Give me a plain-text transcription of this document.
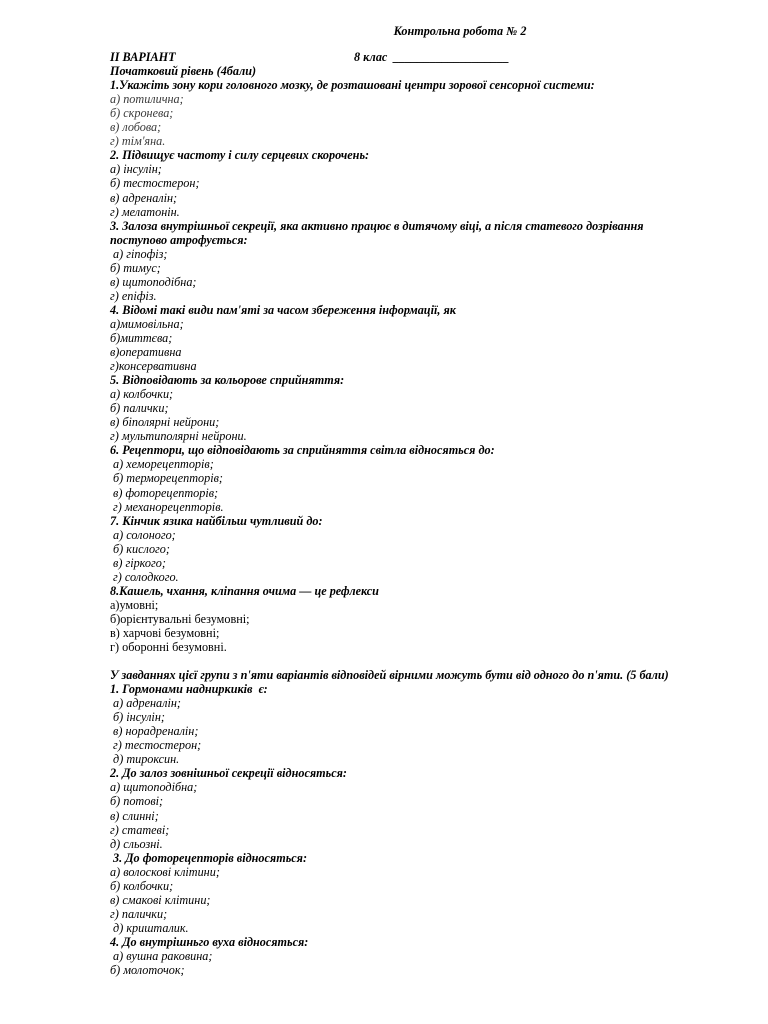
Контрольна робота № 2
II ВАРІАНТ	8 клас  ___________________
Початковий рівень (4бали)
1.Укажіть зону кори головного мозку, де розташовані центри зорової сенсорної системи:
а) потилична;
б) скронева;
в) лобова;
г) тім'яна.
2. Підвищує частоту і силу серцевих скорочень:
а) інсулін;
б) тестостерон;
в) адреналін;
г) мелатонін.
3. Залоза внутрішньої секреції, яка активно працює в дитячому віці, а після статевого дозрівання
поступово атрофується:
а) гіпофіз;
б) тимус;
в) щитоподібна;
г) епіфіз.
4. Відомі такі види пам'яті за часом збереження інформації, як
а)мимовільна;
б)миттєва;
в)оперативна
г)консервативна
5. Відповідають за кольорове сприйняття:
а) колбочки;
б) палички;
в) біполярні нейрони;
г) мультиполярні нейрони.
6. Рецептори, що відповідають за сприйняття світла відносяться до:
а) хеморецепторів;
б) терморецепторів;
в) фоторецепторів;
г) механорецепторів.
7. Кінчик язика найбільш чутливий до:
а) солоного;
б) кислого;
в) гіркого;
г) солодкого.
8.Кашель, чхання, кліпання очима — це рефлекси
а)умовні;
б)орієнтувальні безумовні;
в) харчові безумовні;
г) оборонні безумовні.
У завданнях цієї групи з п'яти варіантів відповідей вірними можуть бути від одного до п'яти. (5 бали)
1. Гормонами надниркиків  є:
а) адреналін;
б) інсулін;
в) норадреналін;
г) тестостерон;
д) тироксин.
2. До залоз зовнішньої секреції відносяться:
а) щитоподібна;
б) потові;
в) слинні;
г) статеві;
д) сльозні.
3. До фоторецепторів відносяться:
а) волоскові клітини;
б) колбочки;
в) смакові клітини;
г) палички;
д) кришталик.
4. До внутрішньго вуха відносяться:
а) вушна раковина;
б) молоточок;
